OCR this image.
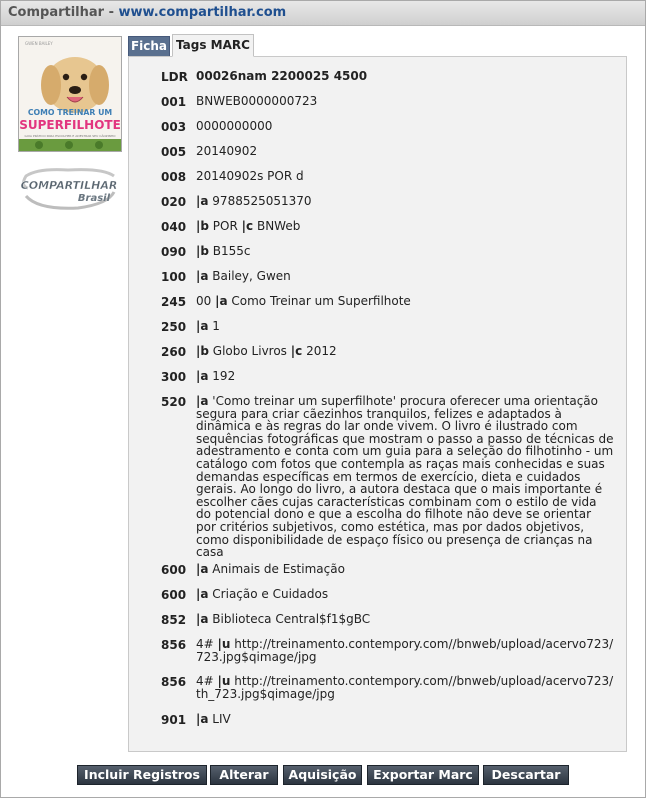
Compartilhar - www.compartilhar.com
GWEN BAILEY
COMO TREINAR UM
SUPERFILHOTE
GUIA PRÁTICO PARA ESCOLHER E ADESTRAR SEU CÃOZINHO
COMPARTILHAR
Brasil
Ficha Tags MARC
LDR 00026nam 2200025 4500
001 BNWEB0000000723
003 0000000000
005 20140902
008 20140902s POR d
020 |a 9788525051370
040 |b POR |c BNWeb
090 |b B155c
100 |a Bailey, Gwen
245 00 |a Como Treinar um Superfilhote
250 |a 1
260 |b Globo Livros |c 2012
300 |a 192
520 |a 'Como treinar um superfilhote' procura oferecer uma orientação segura para criar cãezinhos tranquilos, felizes e adaptados à dinâmica e às regras do lar onde vivem. O livro é ilustrado com sequências fotográficas que mostram o passo a passo de técnicas de adestramento e conta com um guia para a seleção do filhotinho - um catálogo com fotos que contempla as raças mais conhecidas e suas demandas específicas em termos de exercício, dieta e cuidados gerais. Ao longo do livro, a autora destaca que o mais importante é escolher cães cujas características combinam com o estilo de vida do potencial dono e que a escolha do filhote não deve se orientar por critérios subjetivos, como estética, mas por dados objetivos, como disponibilidade de espaço físico ou presença de crianças na casa
600 |a Animais de Estimação
600 |a Criação e Cuidados
852 |a Biblioteca Central$f1$gBC
856 4# |u http://treinamento.contempory.com//bnweb/upload/acervo723/723.jpg$qimage/jpg
856 4# |u http://treinamento.contempory.com//bnweb/upload/acervo723/th_723.jpg$qimage/jpg
901 |a LIV
Incluir Registros	Alterar	Aquisição	Exportar Marc	Descartar
